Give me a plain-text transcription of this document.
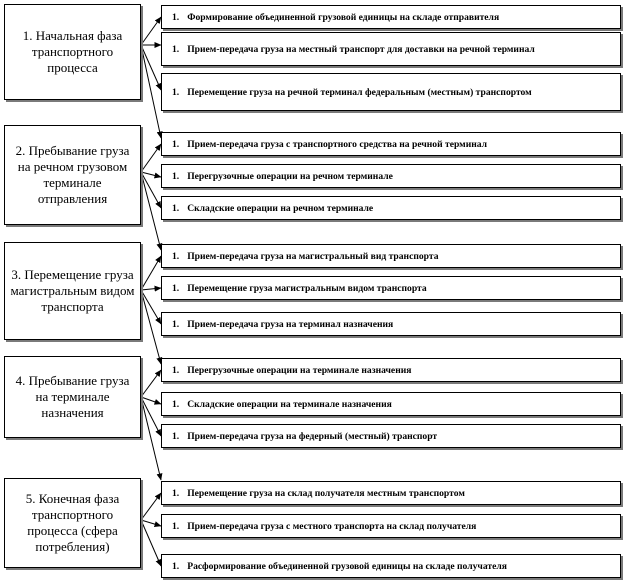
1. Начальная фаза транспортного процесса
2. Пребывание груза на речном грузовом терминале отправления
3. Перемещение груза магистральным видом транспорта
4. Пребывание груза на терминале назначения
5. Конечная фаза транспортного процесса (сфера потребления)
1. Формирование объединенной грузовой единицы на складе отправителя
1. Прием-передача груза на местный транспорт для доставки на речной терминал
1. Перемещение груза на речной терминал федеральным (местным) транспортом
1. Прием-передача груза с транспортного средства на речной терминал
1. Перегрузочные операции на речном терминале
1. Складские операции на речном терминале
1. Прием-передача груза на магистральный вид транспорта
1. Перемещение груза магистральным видом транспорта
1. Прием-передача груза на терминал назначения
1. Перегрузочные операции на терминале назначения
1. Складские операции на терминале назначения
1. Прием-передача груза на федерный (местный) транспорт
1. Перемещение груза на склад получателя местным транспортом
1. Прием-передача груза с местного транспорта на склад получателя
1. Расформирование объединенной грузовой единицы на складе получателя
